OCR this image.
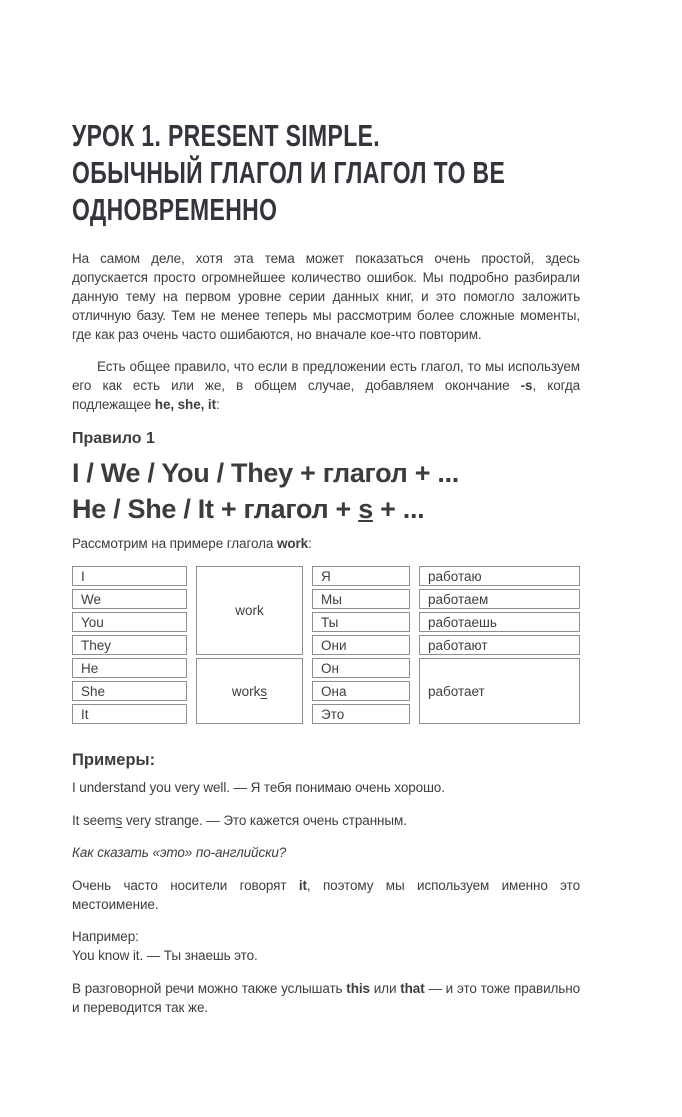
УРОК 1. PRESENT SIMPLE.
ОБЫЧНЫЙ ГЛАГОЛ И ГЛАГОЛ TO BE
ОДНОВРЕМЕННО

На самом деле, хотя эта тема может показаться очень простой, здесь допускается просто огромнейшее количество ошибок. Мы подробно разбирали данную тему на первом уровне серии данных книг, и это помогло заложить отличную базу. Тем не менее теперь мы рассмотрим более сложные моменты, где как раз очень часто ошибаются, но вначале кое-что повторим.

Есть общее правило, что если в предложении есть глагол, то мы используем его как есть или же, в общем случае, добавляем окончание -s, когда подлежащее he, she, it:

Правило 1
I / We / You / They + глагол + ...
He / She / It + глагол + s + ...

Рассмотрим на примере глагола work:

I
We
You
They
work
Я
Мы
Ты
Они
работаю
работаем
работаешь
работают
He
She
It
work s
Он
Она
Это
работает
Примеры:

I understand you very well. — Я тебя понимаю очень хорошо.

It seems very strange. — Это кажется очень странным.

Как сказать «это» по-английски?

Очень часто носители говорят it, поэтому мы используем именно это местоимение.

Например:
You know it. — Ты знаешь это.

В разговорной речи можно также услышать this или that — и это тоже правильно и переводится так же.
